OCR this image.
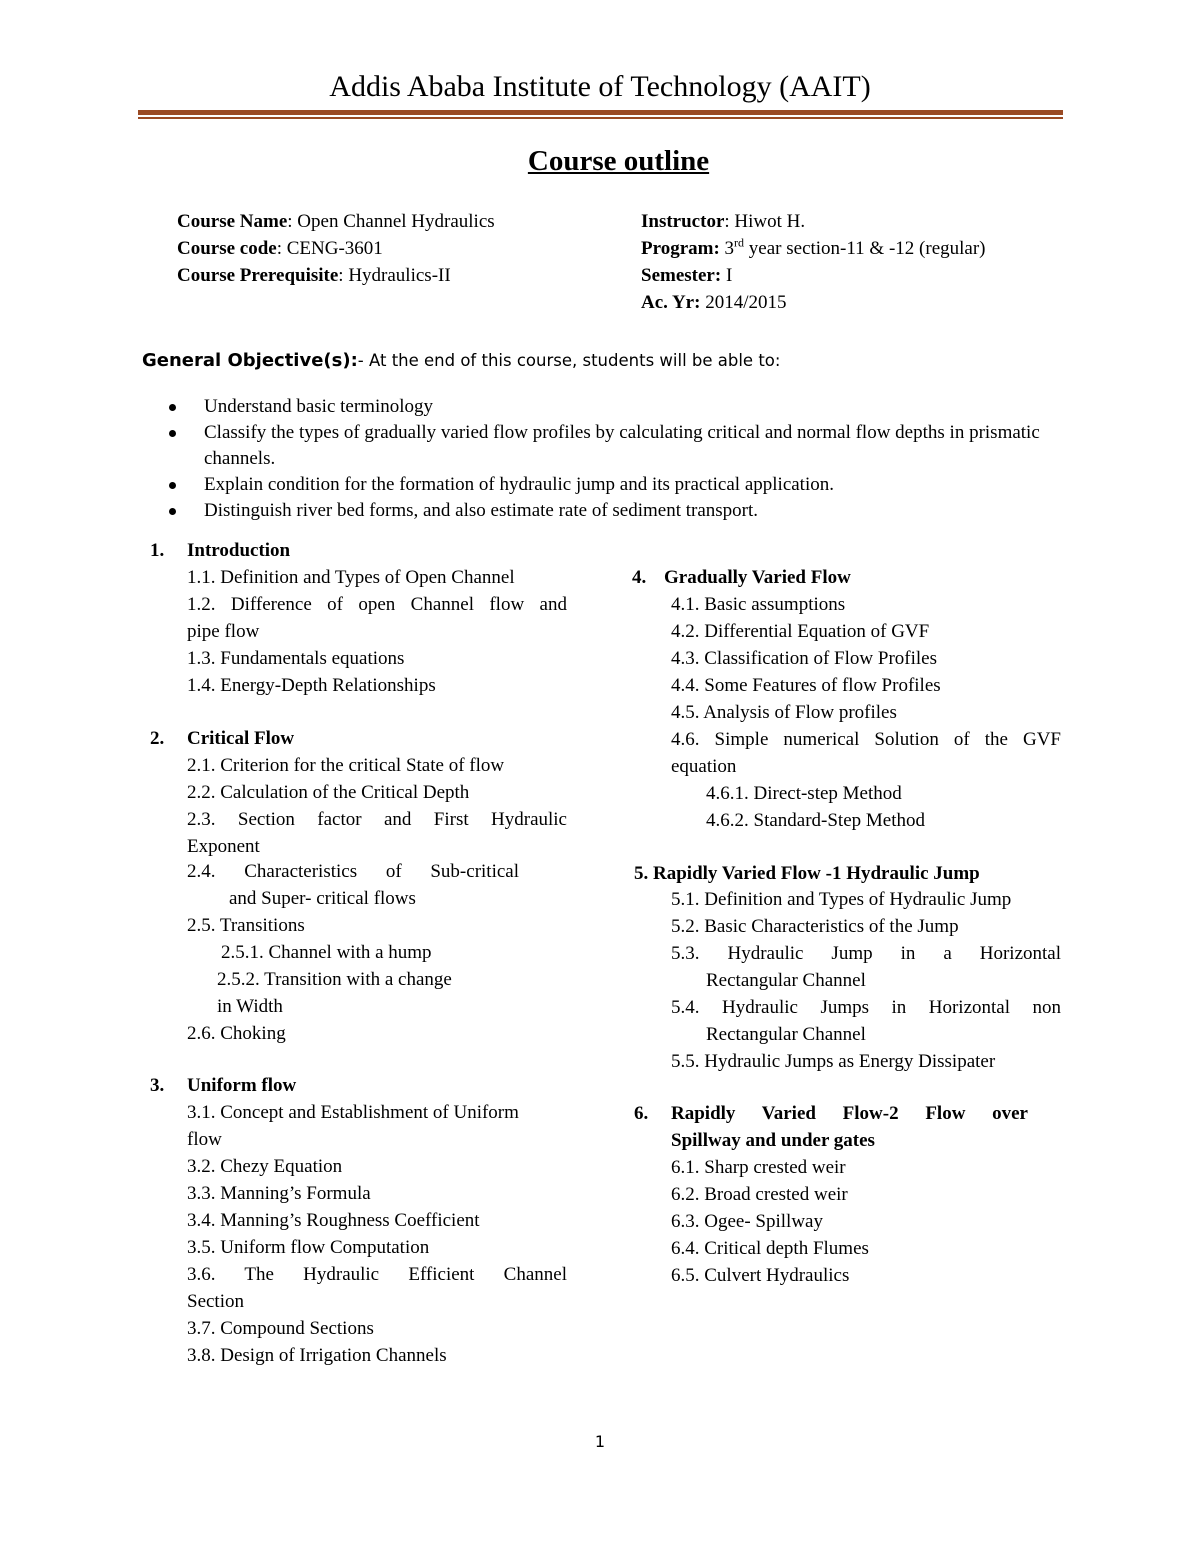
Addis Ababa Institute of Technology (AAIT)
Course outline
Course Name: Open Channel Hydraulics
Course code: CENG-3601
Course Prerequisite: Hydraulics-II
Instructor: Hiwot H.
Program: 3rd year section-11 & -12 (regular)
Semester: I
Ac. Yr: 2014/2015
General Objective(s):- At the end of this course, students will be able to:
Understand basic terminology
Classify the types of gradually varied flow profiles by calculating critical and normal flow depths in prismatic channels.
Explain condition for the formation of hydraulic jump and its practical application.
Distinguish river bed forms, and also estimate rate of sediment transport.
1. Introduction
1.1. Definition and Types of Open Channel
1.2. Difference of open Channel flow and
pipe flow
1.3. Fundamentals equations
1.4. Energy-Depth Relationships
2. Critical Flow
2.1. Criterion for the critical State of flow
2.2. Calculation of the Critical Depth
2.3. Section factor and First Hydraulic
Exponent
2.4. Characteristics of Sub-critical
and Super- critical flows
2.5. Transitions
2.5.1. Channel with a hump
2.5.2. Transition with a change
in Width
2.6. Choking
3. Uniform flow
3.1. Concept and Establishment of Uniform
flow
3.2. Chezy Equation
3.3. Manning’s Formula
3.4. Manning’s Roughness Coefficient
3.5. Uniform flow Computation
3.6. The Hydraulic Efficient Channel
Section
3.7. Compound Sections
3.8. Design of Irrigation Channels
4. Gradually Varied Flow
4.1. Basic assumptions
4.2. Differential Equation of GVF
4.3. Classification of Flow Profiles
4.4. Some Features of flow Profiles
4.5. Analysis of Flow profiles
4.6. Simple numerical Solution of the GVF
equation
4.6.1. Direct-step Method
4.6.2. Standard-Step Method
5. Rapidly Varied Flow -1 Hydraulic Jump
5.1. Definition and Types of Hydraulic Jump
5.2. Basic Characteristics of the Jump
5.3. Hydraulic Jump in a Horizontal
Rectangular Channel
5.4. Hydraulic Jumps in Horizontal non
Rectangular Channel
5.5. Hydraulic Jumps as Energy Dissipater
6. Rapidly Varied Flow-2 Flow over
Spillway and under gates
6.1. Sharp crested weir
6.2. Broad crested weir
6.3. Ogee- Spillway
6.4. Critical depth Flumes
6.5. Culvert Hydraulics
1
